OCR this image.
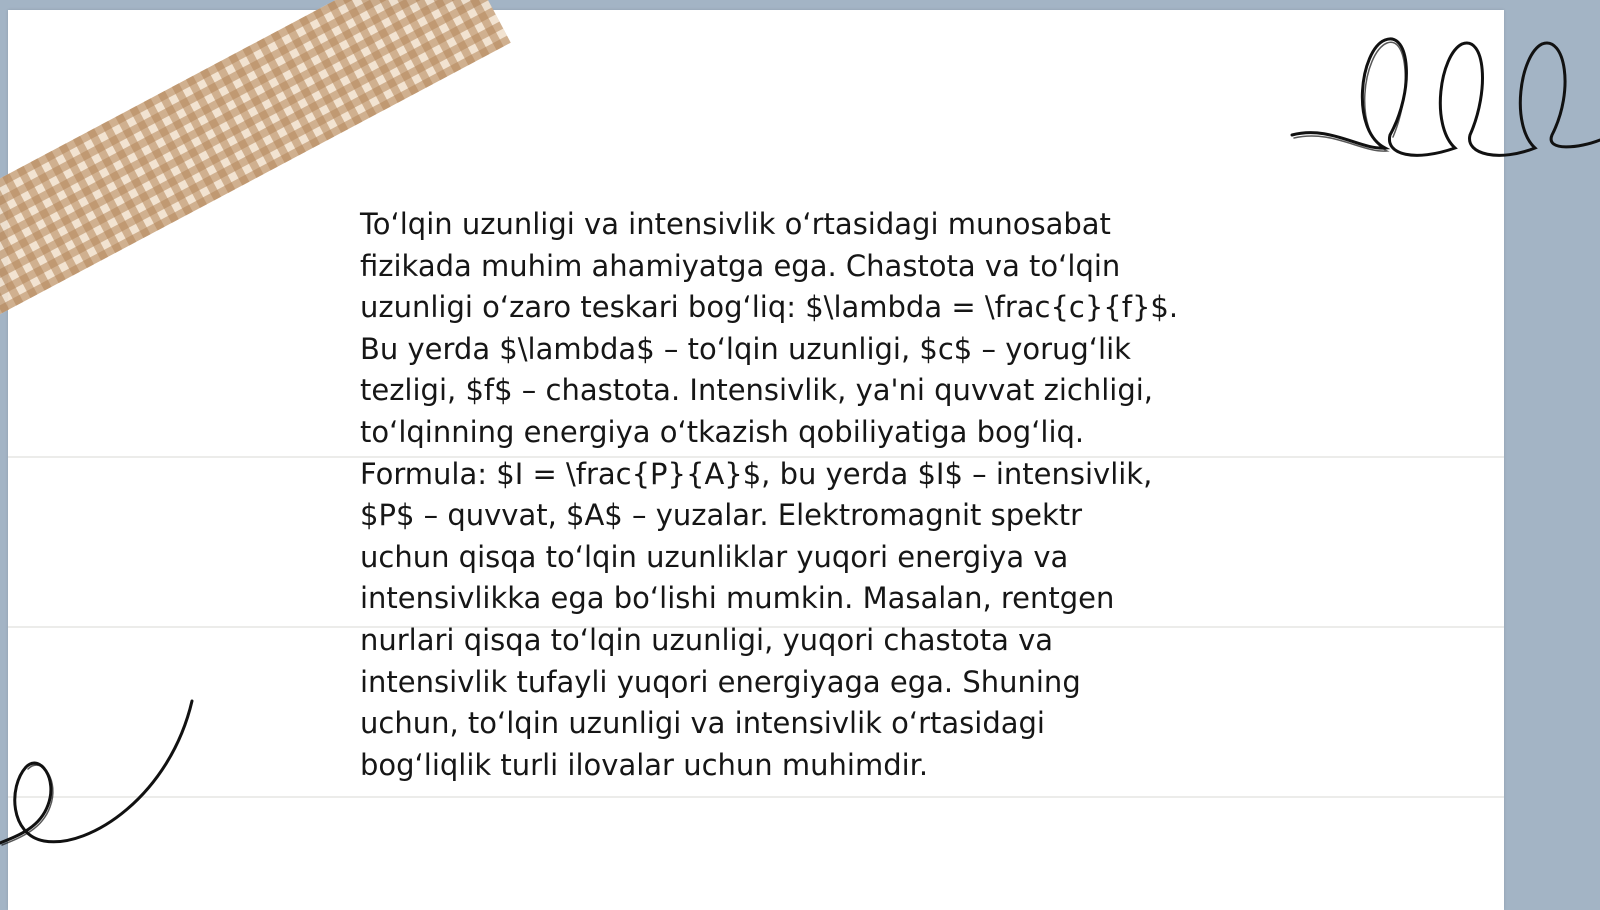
To‘lqin uzunligi va intensivlik o‘rtasidagi munosabat
fizikada muhim ahamiyatga ega. Chastota va to‘lqin
uzunligi o‘zaro teskari bog‘liq: $\lambda = \frac{c}{f}$.
Bu yerda $\lambda$ – to‘lqin uzunligi, $c$ – yorug‘lik
tezligi, $f$ – chastota. Intensivlik, ya'ni quvvat zichligi,
to‘lqinning energiya o‘tkazish qobiliyatiga bog‘liq.
Formula: $I = \frac{P}{A}$, bu yerda $I$ – intensivlik,
$P$ – quvvat, $A$ – yuzalar. Elektromagnit spektr
uchun qisqa to‘lqin uzunliklar yuqori energiya va
intensivlikka ega bo‘lishi mumkin. Masalan, rentgen
nurlari qisqa to‘lqin uzunligi, yuqori chastota va
intensivlik tufayli yuqori energiyaga ega. Shuning
uchun, to‘lqin uzunligi va intensivlik o‘rtasidagi
bog‘liqlik turli ilovalar uchun muhimdir.
